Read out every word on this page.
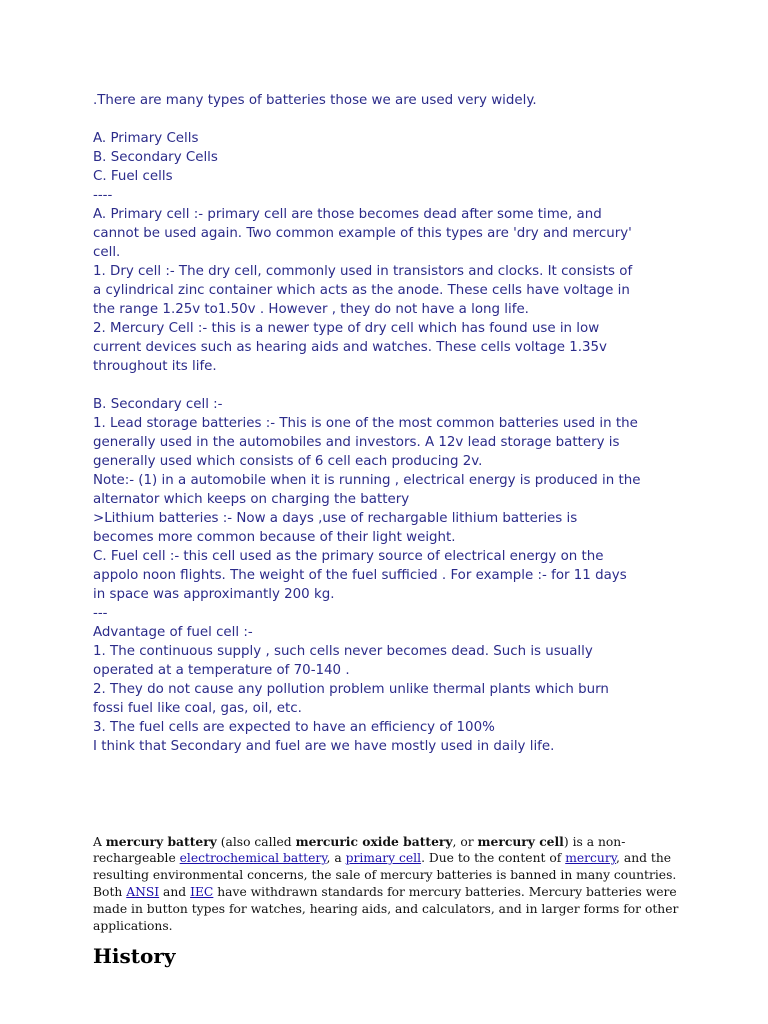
.There are many types of batteries those we are used very widely.
A. Primary Cells
B. Secondary Cells
C. Fuel cells
----
A. Primary cell :- primary cell are those becomes dead after some time, and
cannot be used again. Two common example of this types are 'dry and mercury'
cell.
1. Dry cell :- The dry cell, commonly used in transistors and clocks. It consists of
a cylindrical zinc container which acts as the anode. These cells have voltage in
the range 1.25v to1.50v . However , they do not have a long life.
2. Mercury Cell :- this is a newer type of dry cell which has found use in low
current devices such as hearing aids and watches. These cells voltage 1.35v
throughout its life.
B. Secondary cell :-
1. Lead storage batteries :- This is one of the most common batteries used in the
generally used in the automobiles and investors. A 12v lead storage battery is
generally used which consists of 6 cell each producing 2v.
Note:- (1) in a automobile when it is running , electrical energy is produced in the
alternator which keeps on charging the battery
>Lithium batteries :- Now a days ,use of rechargable lithium batteries is
becomes more common because of their light weight.
C. Fuel cell :- this cell used as the primary source of electrical energy on the
appolo noon flights. The weight of the fuel sufficied . For example :- for 11 days
in space was approximantly 200 kg.
---
Advantage of fuel cell :-
1. The continuous supply , such cells never becomes dead. Such is usually
operated at a temperature of 70-140 .
2. They do not cause any pollution problem unlike thermal plants which burn
fossi fuel like coal, gas, oil, etc.
3. The fuel cells are expected to have an efficiency of 100%
I think that Secondary and fuel are we have mostly used in daily life.
A mercury battery (also called mercuric oxide battery, or mercury cell) is a non-
rechargeable electrochemical battery, a primary cell. Due to the content of mercury, and the
resulting environmental concerns, the sale of mercury batteries is banned in many countries.
Both ANSI and IEC have withdrawn standards for mercury batteries. Mercury batteries were
made in button types for watches, hearing aids, and calculators, and in larger forms for other
applications.
History
